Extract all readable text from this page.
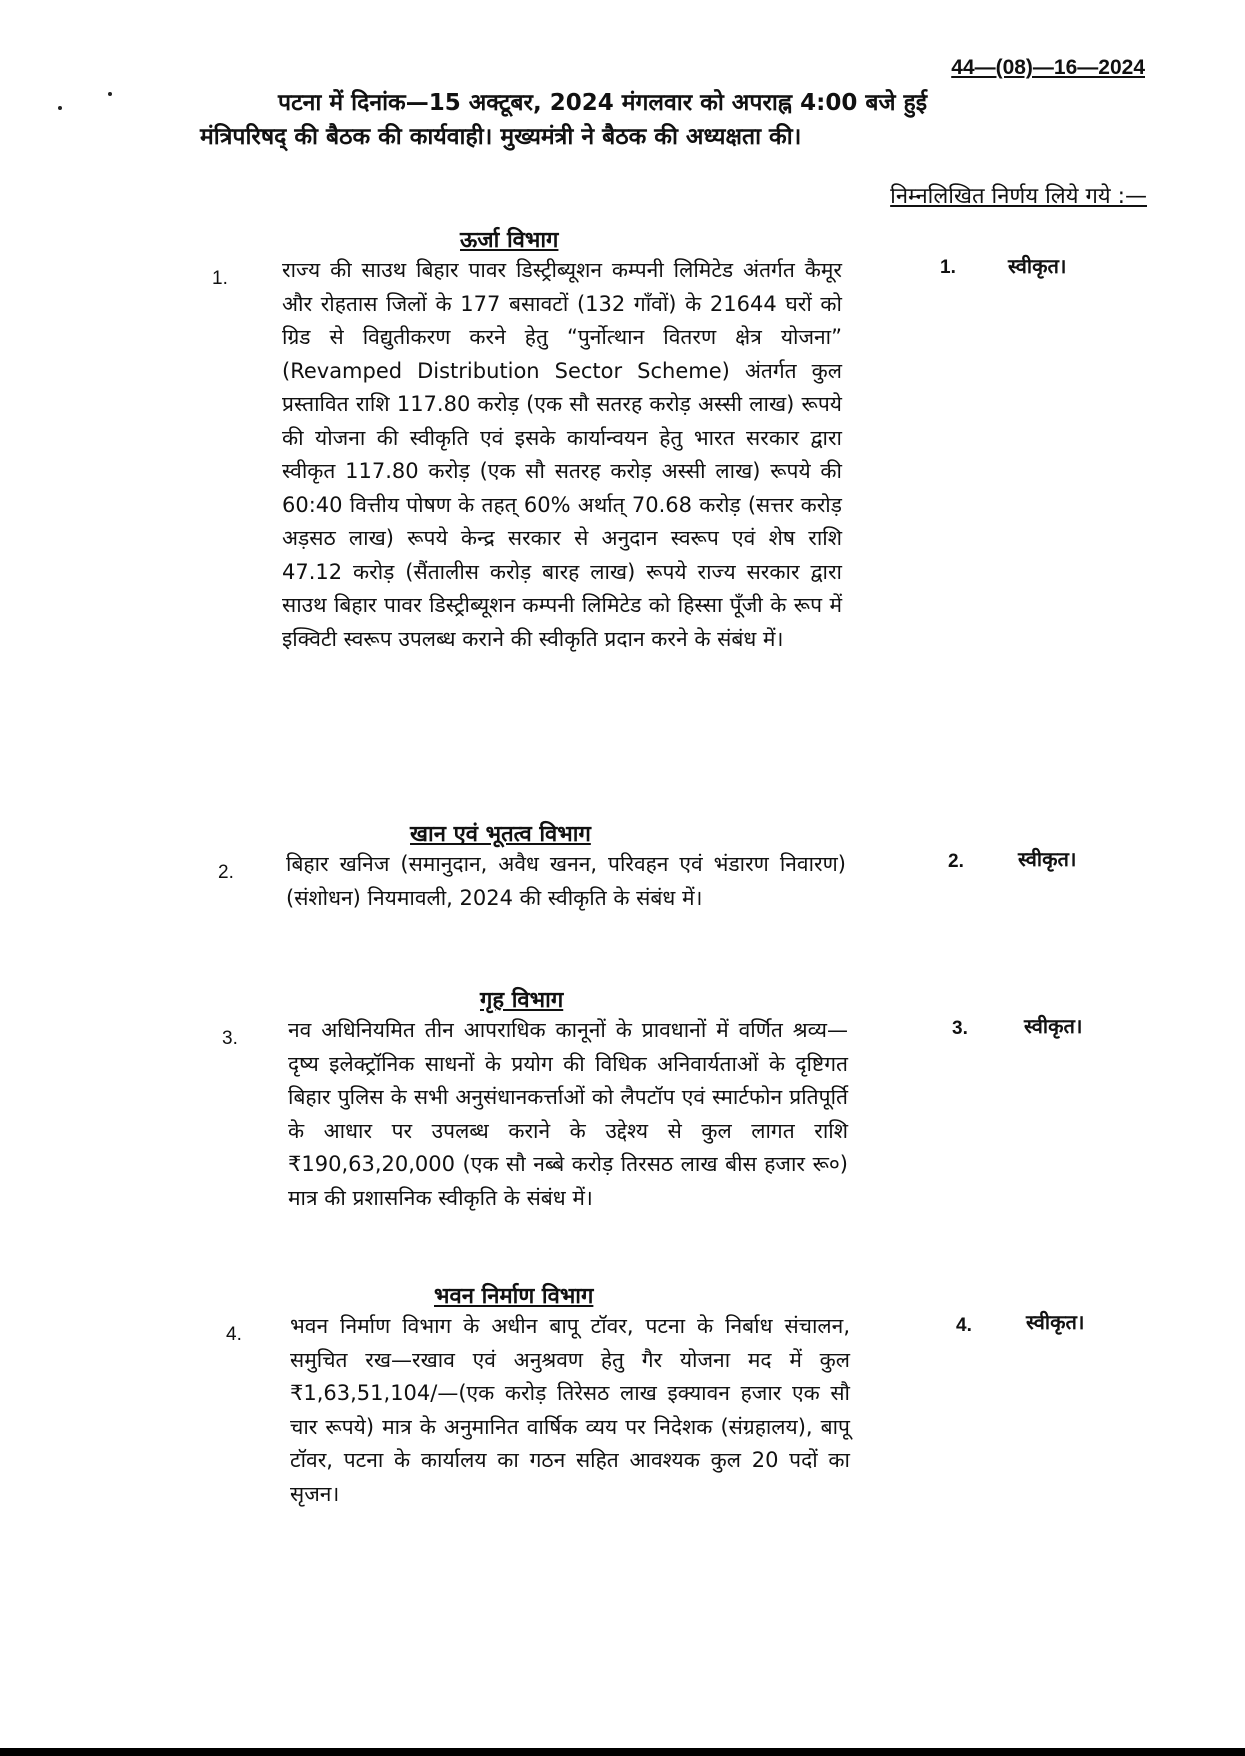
44—(08)—16—2024
पटना में दिनांक—15 अक्टूबर, 2024 मंगलवार को अपराह्न 4:00 बजे हुई
मंत्रिपरिषद् की बैठक की कार्यवाही। मुख्यमंत्री ने बैठक की अध्यक्षता की।
निम्नलिखित निर्णय लिये गये :—
ऊर्जा विभाग
1.	राज्य की साउथ बिहार पावर डिस्ट्रीब्यूशन कम्पनी लिमिटेड अंतर्गत कैमूर और रोहतास जिलों के 177 बसावटों (132 गाँवों) के 21644 घरों को ग्रिड से विद्युतीकरण करने हेतु “पुर्नोत्थान वितरण क्षेत्र योजना” (Revamped Distribution Sector Scheme) अंतर्गत कुल प्रस्तावित राशि 117.80 करोड़ (एक सौ सतरह करोड़ अस्सी लाख) रूपये की योजना की स्वीकृति एवं इसके कार्यान्वयन हेतु भारत सरकार द्वारा स्वीकृत 117.80 करोड़ (एक सौ सतरह करोड़ अस्सी लाख) रूपये की 60:40 वित्तीय पोषण के तहत् 60% अर्थात् 70.68 करोड़ (सत्तर करोड़ अड़सठ लाख) रूपये केन्द्र सरकार से अनुदान स्वरूप एवं शेष राशि 47.12 करोड़ (सैंतालीस करोड़ बारह लाख) रूपये राज्य सरकार द्वारा साउथ बिहार पावर डिस्ट्रीब्यूशन कम्पनी लिमिटेड को हिस्सा पूँजी के रूप में इक्विटी स्वरूप उपलब्ध कराने की स्वीकृति प्रदान करने के संबंध में।
1.	स्वीकृत।
खान एवं भूतत्व विभाग
2. बिहार खनिज (समानुदान, अवैध खनन, परिवहन एवं भंडारण निवारण) (संशोधन) नियमावली, 2024 की स्वीकृति के संबंध में।
2.	स्वीकृत।
गृह विभाग
3. नव अधिनियमित तीन आपराधिक कानूनों के प्रावधानों में वर्णित श्रव्य—दृष्य इलेक्ट्रॉनिक साधनों के प्रयोग की विधिक अनिवार्यताओं के दृष्टिगत बिहार पुलिस के सभी अनुसंधानकर्त्ताओं को लैपटॉप एवं स्मार्टफोन प्रतिपूर्ति के आधार पर उपलब्ध कराने के उद्देश्य से कुल लागत राशि ₹190,63,20,000 (एक सौ नब्बे करोड़ तिरसठ लाख बीस हजार रू०) मात्र की प्रशासनिक स्वीकृति के संबंध में।
3.	स्वीकृत।
भवन निर्माण विभाग
4. भवन निर्माण विभाग के अधीन बापू टॉवर, पटना के निर्बाध संचालन, समुचित रख—रखाव एवं अनुश्रवण हेतु गैर योजना मद में कुल ₹1,63,51,104/—(एक करोड़ तिरेसठ लाख इक्यावन हजार एक सौ चार रूपये) मात्र के अनुमानित वार्षिक व्यय पर निदेशक (संग्रहालय), बापू टॉवर, पटना के कार्यालय का गठन सहित आवश्यक कुल 20 पदों का सृजन।
4.	स्वीकृत।
